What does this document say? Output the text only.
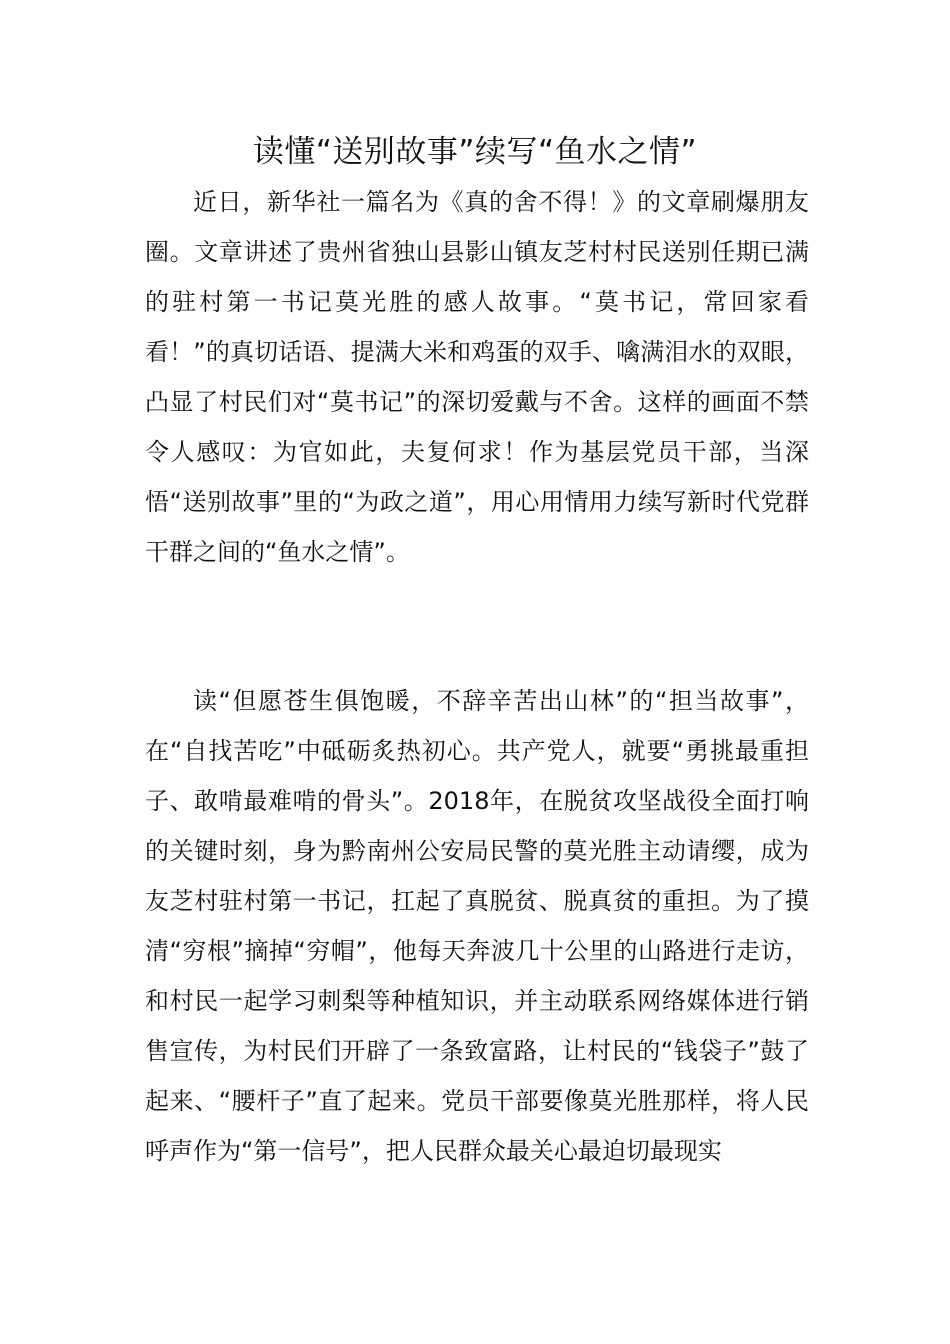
读懂“送别故事”续写“鱼水之情”

近日，新华社一篇名为《真的舍不得！》的文章刷爆朋友圈。文章讲述了贵州省独山县影山镇友芝村村民送别任期已满的驻村第一书记莫光胜的感人故事。“莫书记，常回家看看！”的真切话语、提满大米和鸡蛋的双手、噙满泪水的双眼，凸显了村民们对“莫书记”的深切爱戴与不舍。这样的画面不禁令人感叹：为官如此，夫复何求！作为基层党员干部，当深悟“送别故事”里的“为政之道”，用心用情用力续写新时代党群干群之间的“鱼水之情”。

读“但愿苍生俱饱暖，不辞辛苦出山林”的“担当故事”，在“自找苦吃”中砥砺炙热初心。共产党人，就要“勇挑最重担子、敢啃最难啃的骨头”。2018年，在脱贫攻坚战役全面打响的关键时刻，身为黔南州公安局民警的莫光胜主动请缨，成为友芝村驻村第一书记，扛起了真脱贫、脱真贫的重担。为了摸清“穷根”摘掉“穷帽”，他每天奔波几十公里的山路进行走访，和村民一起学习刺梨等种植知识，并主动联系网络媒体进行销售宣传，为村民们开辟了一条致富路，让村民的“钱袋子”鼓了起来、“腰杆子”直了起来。党员干部要像莫光胜那样，将人民呼声作为“第一信号”，把人民群众最关心最迫切最现实
